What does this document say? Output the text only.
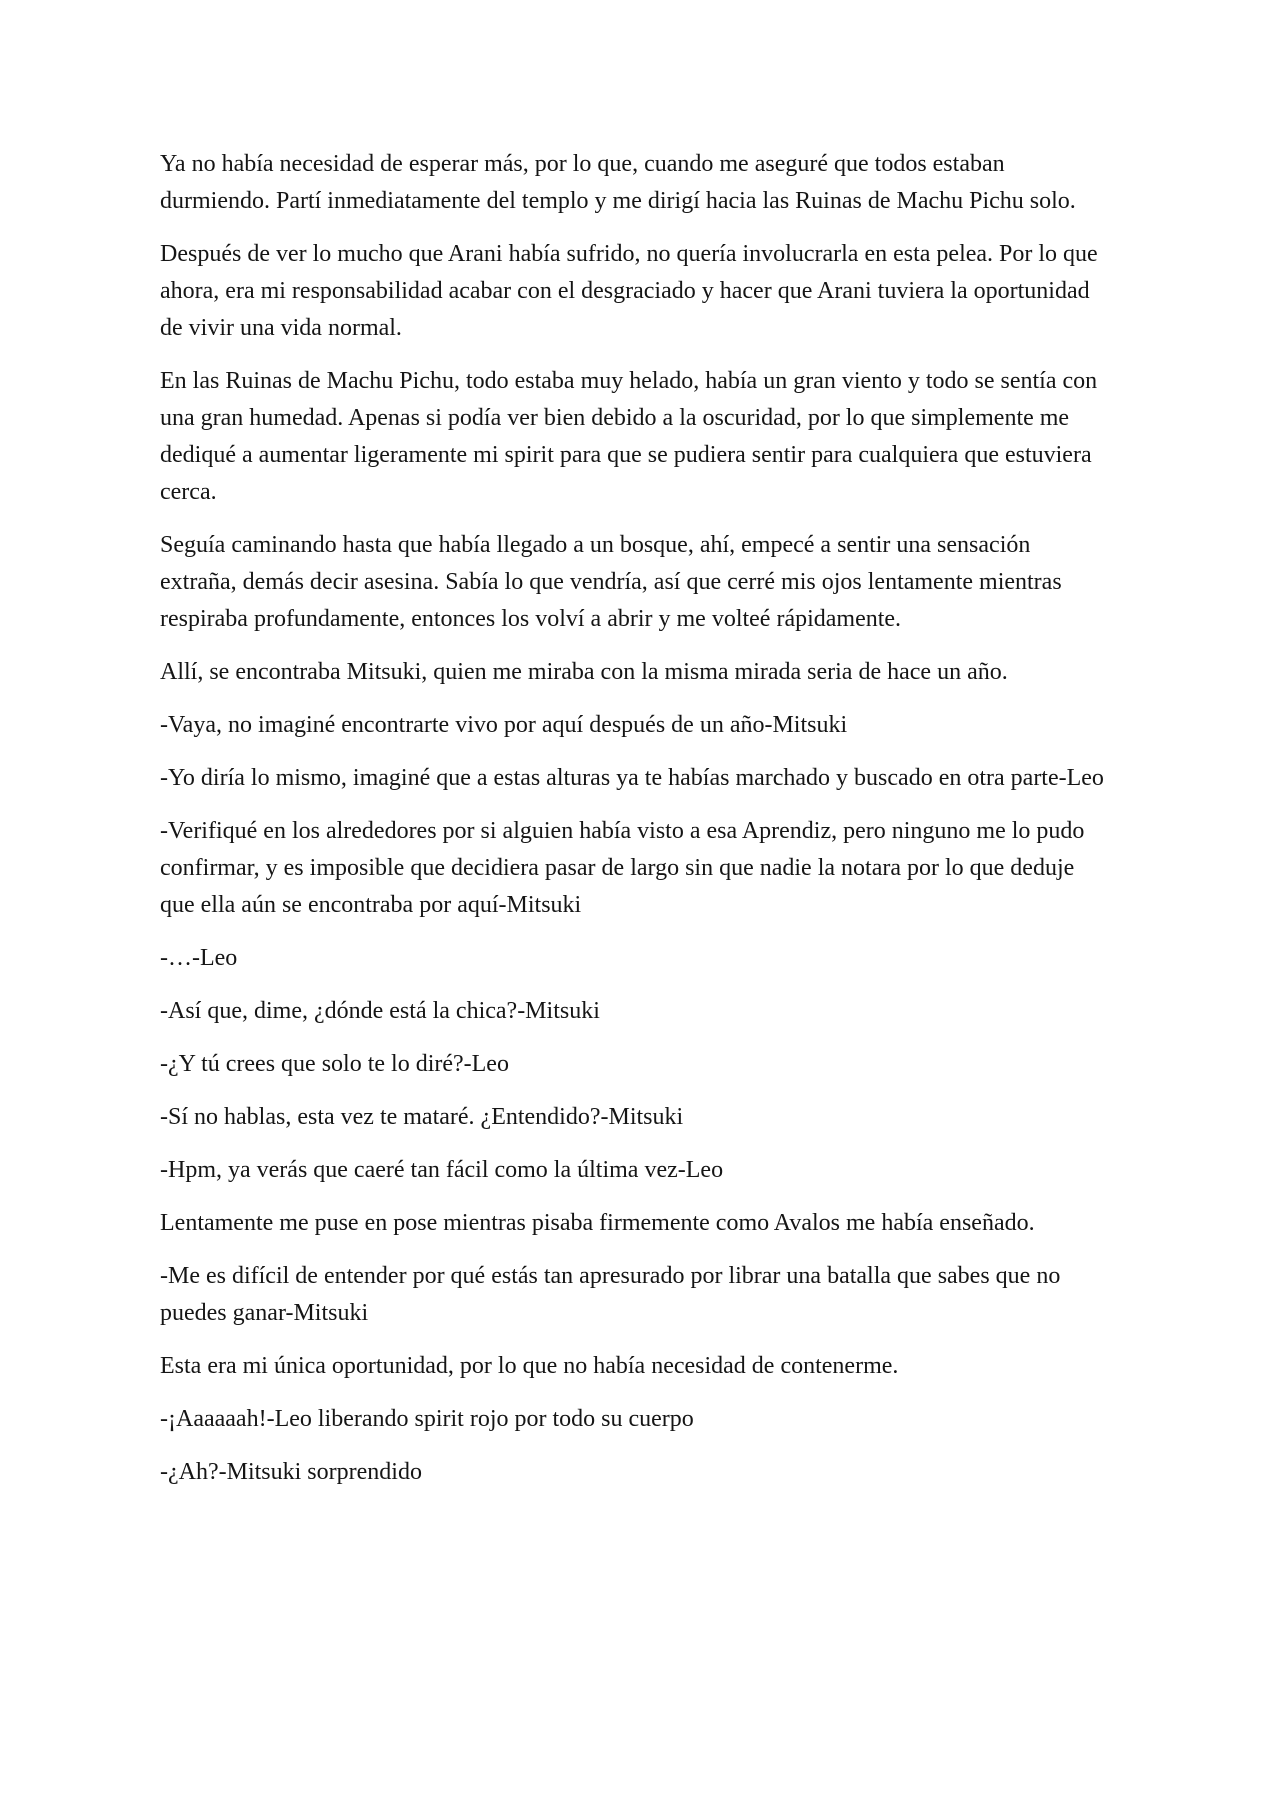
Ya no había necesidad de esperar más, por lo que, cuando me aseguré que todos estaban durmiendo. Partí inmediatamente del templo y me dirigí hacia las Ruinas de Machu Pichu solo.

Después de ver lo mucho que Arani había sufrido, no quería involucrarla en esta pelea. Por lo que ahora, era mi responsabilidad acabar con el desgraciado y hacer que Arani tuviera la oportunidad de vivir una vida normal.

En las Ruinas de Machu Pichu, todo estaba muy helado, había un gran viento y todo se sentía con una gran humedad. Apenas si podía ver bien debido a la oscuridad, por lo que simplemente me dediqué a aumentar ligeramente mi spirit para que se pudiera sentir para cualquiera que estuviera cerca.

Seguía caminando hasta que había llegado a un bosque, ahí, empecé a sentir una sensación extraña, demás decir asesina. Sabía lo que vendría, así que cerré mis ojos lentamente mientras respiraba profundamente, entonces los volví a abrir y me volteé rápidamente.

Allí, se encontraba Mitsuki, quien me miraba con la misma mirada seria de hace un año.

-Vaya, no imaginé encontrarte vivo por aquí después de un año-Mitsuki

-Yo diría lo mismo, imaginé que a estas alturas ya te habías marchado y buscado en otra parte-Leo

-Verifiqué en los alrededores por si alguien había visto a esa Aprendiz, pero ninguno me lo pudo confirmar, y es imposible que decidiera pasar de largo sin que nadie la notara por lo que deduje que ella aún se encontraba por aquí-Mitsuki

-…-Leo

-Así que, dime, ¿dónde está la chica?-Mitsuki

-¿Y tú crees que solo te lo diré?-Leo

-Sí no hablas, esta vez te mataré. ¿Entendido?-Mitsuki

-Hpm, ya verás que caeré tan fácil como la última vez-Leo

Lentamente me puse en pose mientras pisaba firmemente como Avalos me había enseñado.

-Me es difícil de entender por qué estás tan apresurado por librar una batalla que sabes que no puedes ganar-Mitsuki

Esta era mi única oportunidad, por lo que no había necesidad de contenerme.

-¡Aaaaaah!-Leo liberando spirit rojo por todo su cuerpo

-¿Ah?-Mitsuki sorprendido
